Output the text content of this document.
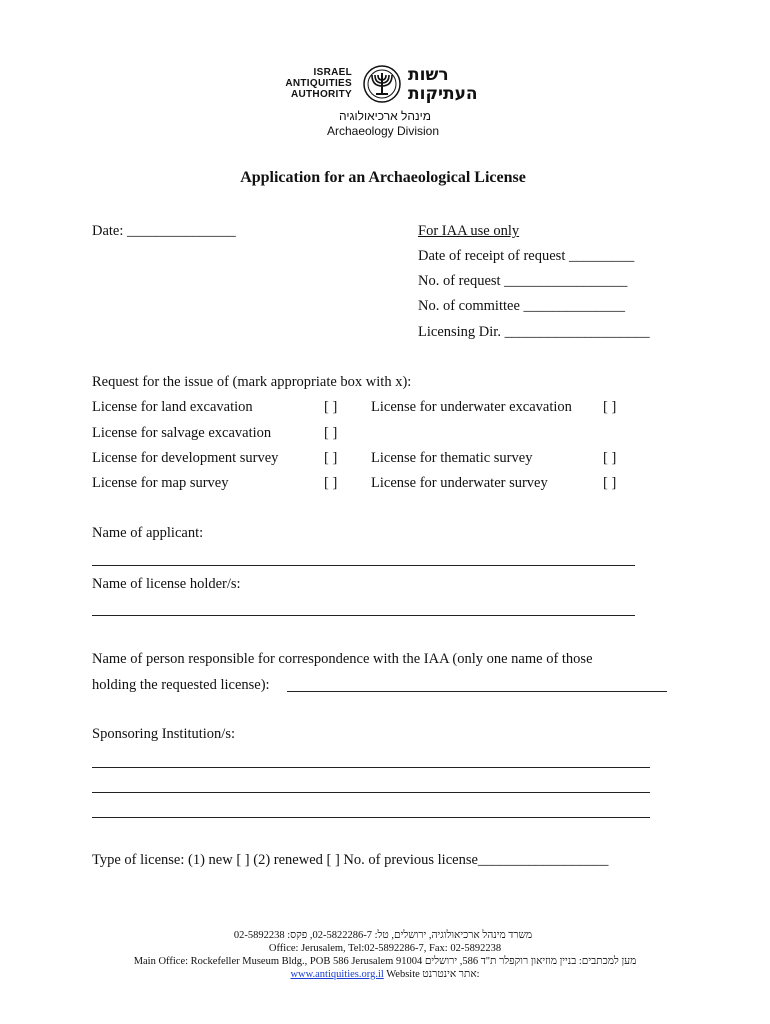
ISRAEL
ANTIQUITIES
AUTHORITY
רשות
העתיקות
מינהל ארכיאולוגיה
Archaeology Division
Application for an Archaeological License
Date: _______________	For IAA use only
Date of receipt of request _________
No. of request _________________
No. of committee ______________
Licensing Dir. ____________________
Request for the issue of (mark appropriate box with x):
License for land excavation	[ ] License for underwater excavation [ ]
License for salvage excavation	[ ]
License for development survey	[ ] License for thematic survey	[ ]
License for map survey	[ ] License for underwater survey	[ ]
Name of applicant:
Name of license holder/s:
Name of person responsible for correspondence with the IAA (only one name of those
holding the requested license):
Sponsoring Institution/s:
Type of license: (1) new [ ] (2) renewed [ ] No. of previous license__________________
משרד מינהל ארכיאולוגיה, ירושלים, טל: 02-5822286-7, פקס: 02-5892238
Office: Jerusalem, Tel:02-5892286-7, Fax: 02-5892238
Main Office: Rockefeller Museum Bldg., POB 586 Jerusalem 91004 מען למכתבים: בניין מוזיאון רוקפלר ת"ד 586, ירושלים
www.antiquities.org.il Website אתר אינטרנט:
